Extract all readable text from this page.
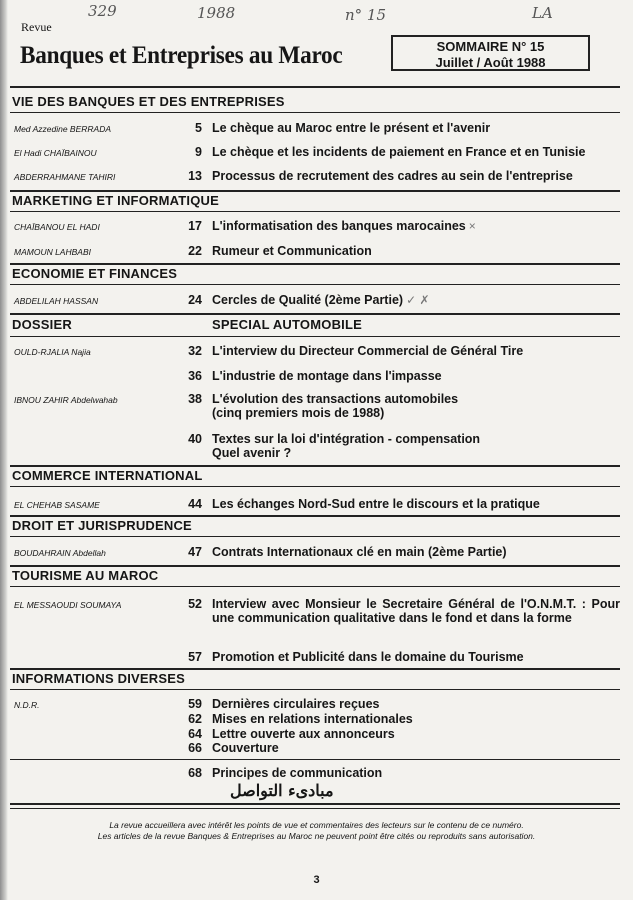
329	1988	n° 15	LA
Revue
Banques et Entreprises au Maroc	SOMMAIRE N° 15
Juillet / Août 1988
VIE DES BANQUES ET DES ENTREPRISES
Med Azzedine BERRADA	5 Le chèque au Maroc entre le présent et l'avenir
El Hadi CHAÏBAINOU	9 Le chèque et les incidents de paiement en France et en Tunisie
ABDERRAHMANE TAHIRI	13 Processus de recrutement des cadres au sein de l'entreprise
MARKETING ET INFORMATIQUE
CHAÏBANOU EL HADI	17 L'informatisation des banques marocaines ×
MAMOUN LAHBABI	22 Rumeur et Communication
ECONOMIE ET FINANCES
ABDELILAH HASSAN	24 Cercles de Qualité (2ème Partie) ✓ ✗
DOSSIER	SPECIAL AUTOMOBILE
OULD-RJALIA Najia	32 L'interview du Directeur Commercial de Général Tire
36 L'industrie de montage dans l'impasse
IBNOU ZAHIR Abdelwahab	38 L'évolution des transactions automobiles
(cinq premiers mois de 1988)
40 Textes sur la loi d'intégration - compensation
Quel avenir ?
COMMERCE INTERNATIONAL
EL CHEHAB SASAME	44 Les échanges Nord-Sud entre le discours et la pratique
DROIT ET JURISPRUDENCE
BOUDAHRAIN Abdellah	47 Contrats Internationaux clé en main (2ème Partie)
TOURISME AU MAROC
EL MESSAOUDI SOUMAYA	52 Interview avec Monsieur le Secretaire Général de l'O.N.M.T. : Pour une communication qualitative dans le fond et dans la forme
57 Promotion et Publicité dans le domaine du Tourisme
INFORMATIONS DIVERSES
N.D.R.	59 Dernières circulaires reçues
62 Mises en relations internationales
64 Lettre ouverte aux annonceurs
66 Couverture
68 Principes de communication
مبادىء التواصل
La revue accueillera avec intérêt les points de vue et commentaires des lecteurs sur le contenu de ce numéro.
Les articles de la revue Banques & Entreprises au Maroc ne peuvent point être cités ou reproduits sans autorisation.
3
